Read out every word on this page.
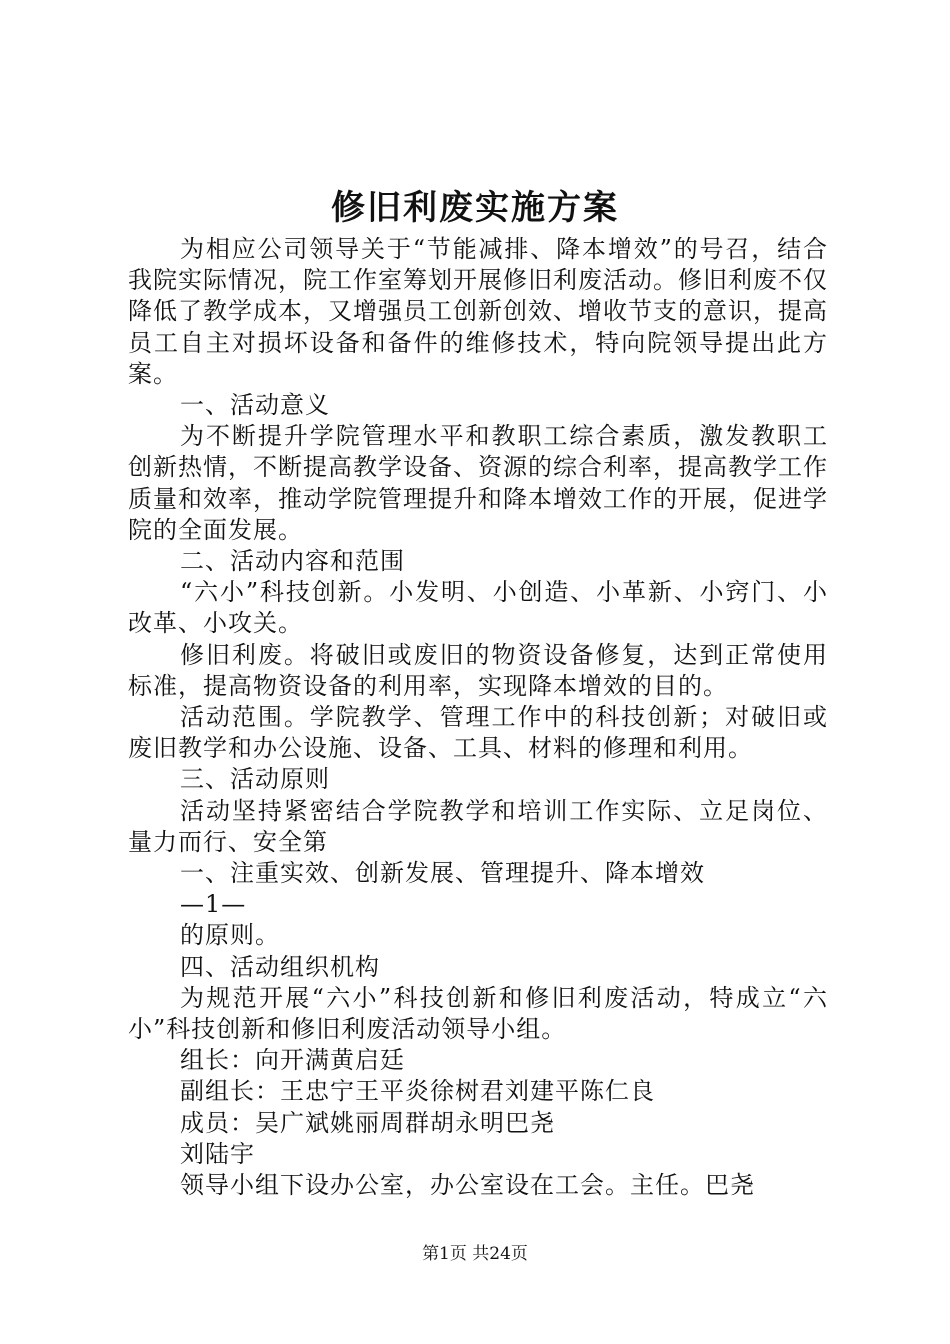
修旧利废实施方案

为相应公司领导关于“节能减排、降本增效”的号召，结合我院实际情况，院工作室筹划开展修旧利废活动。修旧利废不仅降低了教学成本，又增强员工创新创效、增收节支的意识，提高员工自主对损坏设备和备件的维修技术，特向院领导提出此方案。

一、活动意义

为不断提升学院管理水平和教职工综合素质，激发教职工创新热情，不断提高教学设备、资源的综合利率，提高教学工作质量和效率，推动学院管理提升和降本增效工作的开展，促进学院的全面发展。

二、活动内容和范围

“六小”科技创新。小发明、小创造、小革新、小窍门、小改革、小攻关。

修旧利废。将破旧或废旧的物资设备修复，达到正常使用标准，提高物资设备的利用率，实现降本增效的目的。

活动范围。学院教学、管理工作中的科技创新；对破旧或废旧教学和办公设施、设备、工具、材料的修理和利用。

三、活动原则

活动坚持紧密结合学院教学和培训工作实际、立足岗位、量力而行、安全第

一、注重实效、创新发展、管理提升、降本增效

—1—

的原则。

四、活动组织机构

为规范开展“六小”科技创新和修旧利废活动，特成立“六小”科技创新和修旧利废活动领导小组。

组长：向开满黄启廷

副组长：王忠宁王平炎徐树君刘建平陈仁良

成员：吴广斌姚丽周群胡永明巴尧

刘陆宇

领导小组下设办公室，办公室设在工会。主任。巴尧

第1页 共24页
